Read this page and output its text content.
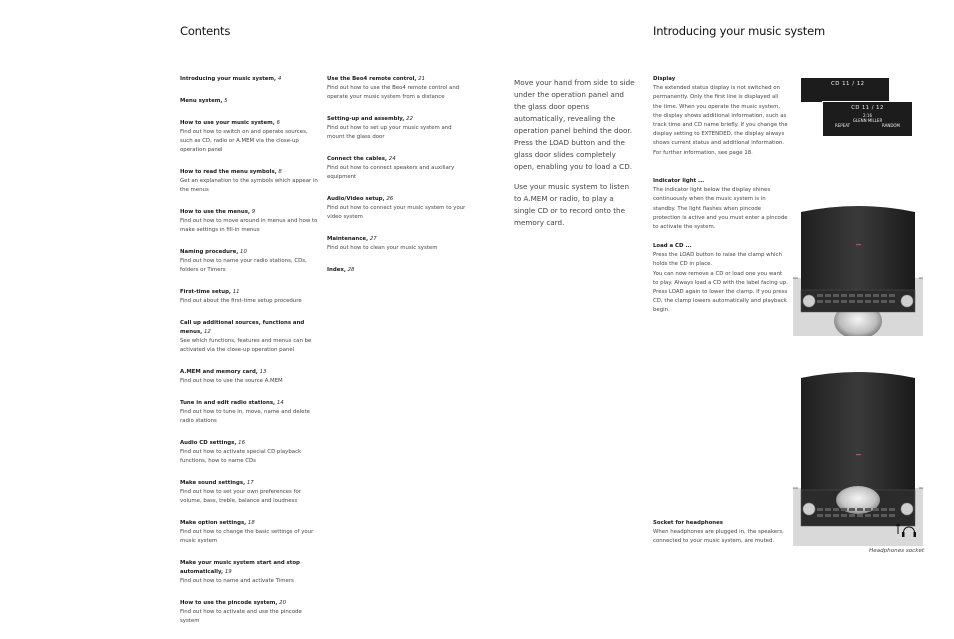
Contents	Introducing your music system
Introducing your music system, 4
Menu system, 5
How to use your music system, 6
Find out how to switch on and operate sources, such as CD, radio or A.MEM via the close-up operation panel
How to read the menu symbols, 8
Get an explanation to the symbols which appear in the menus
How to use the menus, 9
Find out how to move around in menus and how to make settings in fill-in menus
Naming procedure, 10
Find out how to name your radio stations, CDs, folders or Timers
First-time setup, 11
Find out about the first-time setup procedure
Call up additional sources, functions and menus, 12
See which functions, features and menus can be activated via the close-up operation panel
A.MEM and memory card, 13
Find out how to use the source A.MEM
Tune in and edit radio stations, 14
Find out how to tune in, move, name and delete radio stations
Audio CD settings, 16
Find out how to activate special CD playback functions, how to name CDs
Make sound settings, 17
Find out how to set your own preferences for volume, bass, treble, balance and loudness
Make option settings, 18
Find out how to change the basic settings of your music system
Make your music system start and stop automatically, 19
Find out how to name and activate Timers
How to use the pincode system, 20
Find out how to activate and use the pincode system
Use the Beo4 remote control, 21
Find out how to use the Beo4 remote control and operate your music system from a distance
Setting-up and assembly, 22
Find out how to set up your music system and mount the glass door
Connect the cables, 24
Find out how to connect speakers and auxiliary equipment
Audio/Video setup, 26
Find out how to connect your music system to your video system
Maintenance, 27
Find out how to clean your music system
Index, 28

Move your hand from side to side under the operation panel and the glass door opens automatically, revealing the operation panel behind the door. Press the LOAD button and the glass door slides completely open, enabling you to load a CD.

Use your music system to listen to A.MEM or radio, to play a single CD or to record onto the memory card.

Display
The extended status display is not switched on permanently. Only the first line is displayed all the time. When you operate the music system, the display shows additional information, such as track time and CD name briefly. If you change the display setting to EXTENDED, the display always shows current status and additional information. For further information, see page 18.
Indicator light ...
The indicator light below the display shines continuously when the music system is in standby. The light flashes when pincode protection is active and you must enter a pincode to activate the system.
Load a CD ...
Press the LOAD button to raise the clamp which holds the CD in place.
You can now remove a CD or load one you want to play. Always load a CD with the label facing up.
Press LOAD again to lower the clamp. If you press CD, the clamp lowers automatically and playback begin.
Socket for headphones
When headphones are plugged in, the speakers, connected to your music system, are muted.
CD 11 / 12
CD 11 / 12
2:16
GLENN MILLER
REPEAT	RANDOM
Headphones socket
